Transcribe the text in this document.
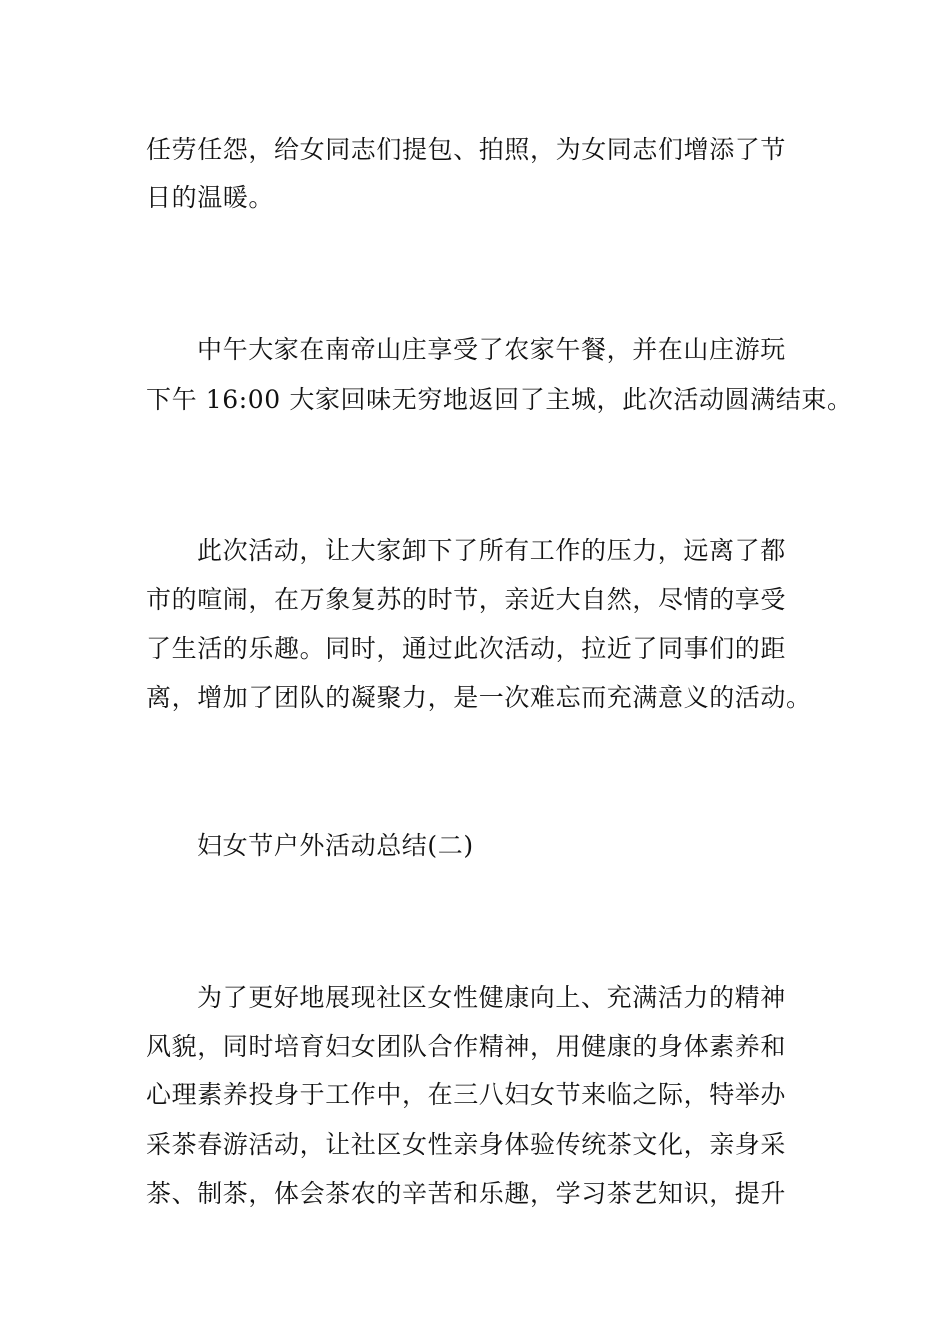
任劳任怨，给女同志们提包、拍照，为女同志们增添了节
日的温暖。
中午大家在南帝山庄享受了农家午餐，并在山庄游玩
下午 16:00 大家回味无穷地返回了主城，此次活动圆满结束。
此次活动，让大家卸下了所有工作的压力，远离了都
市的喧闹，在万象复苏的时节，亲近大自然，尽情的享受
了生活的乐趣。同时，通过此次活动，拉近了同事们的距
离，增加了团队的凝聚力，是一次难忘而充满意义的活动。
妇女节户外活动总结(二)
为了更好地展现社区女性健康向上、充满活力的精神
风貌，同时培育妇女团队合作精神，用健康的身体素养和
心理素养投身于工作中，在三八妇女节来临之际，特举办
采茶春游活动，让社区女性亲身体验传统茶文化，亲身采
茶、制茶，体会茶农的辛苦和乐趣，学习茶艺知识，提升
